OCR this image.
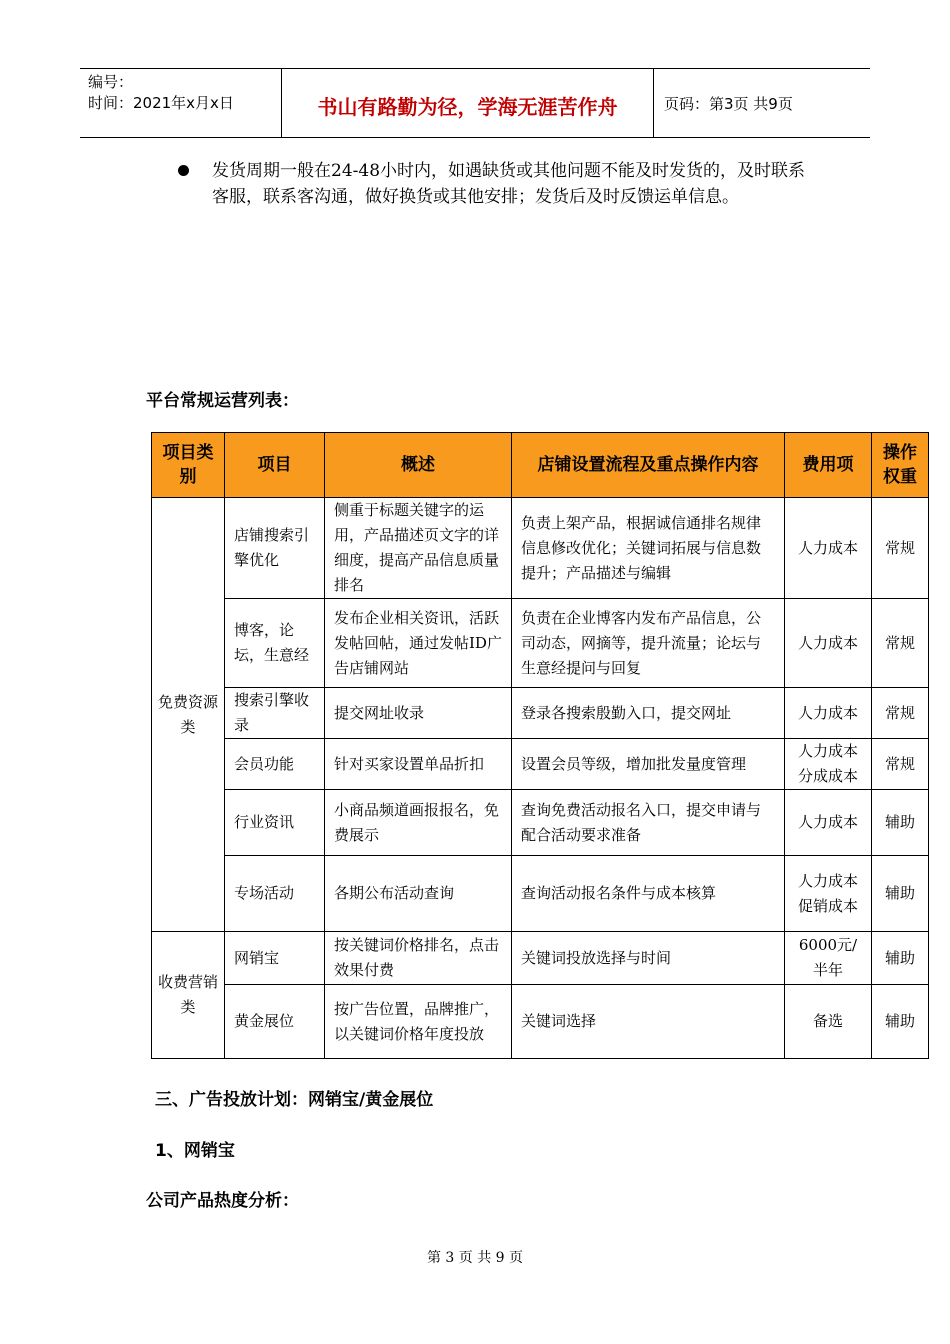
编号：
时间：2021年x月x日	书山有路勤为径，学海无涯苦作舟	页码：第3页 共9页
发货周期一般在24-48小时内，如遇缺货或其他问题不能及时发货的，及时联系客服，联系客沟通，做好换货或其他安排；发货后及时反馈运单信息。
平台常规运营列表：
项目类别	项目	概述	店铺设置流程及重点操作内容	费用项	操作权重
免费资源类	店铺搜索引擎优化	侧重于标题关键字的运用，产品描述页文字的详细度，提高产品信息质量排名	负责上架产品，根据诚信通排名规律信息修改优化；关键词拓展与信息数提升；产品描述与编辑	人力成本	常规
	博客，论坛，生意经	发布企业相关资讯，活跃发帖回帖，通过发帖ID广告店铺网站	负责在企业博客内发布产品信息，公司动态，网摘等，提升流量；论坛与生意经提问与回复	人力成本	常规
	搜索引擎收录	提交网址收录	登录各搜索殷勤入口，提交网址	人力成本	常规
	会员功能	针对买家设置单品折扣	设置会员等级，增加批发量度管理	人力成本分成成本	常规
	行业资讯	小商品频道画报报名，免费展示	查询免费活动报名入口，提交申请与配合活动要求准备	人力成本	辅助
	专场活动	各期公布活动查询	查询活动报名条件与成本核算	人力成本促销成本	辅助
收费营销类	网销宝	按关键词价格排名，点击效果付费	关键词投放选择与时间	6000元/半年	辅助
	黄金展位	按广告位置，品牌推广，以关键词价格年度投放	关键词选择	备选	辅助
三、广告投放计划：网销宝/黄金展位
1、网销宝
公司产品热度分析：
第 3 页 共 9 页
